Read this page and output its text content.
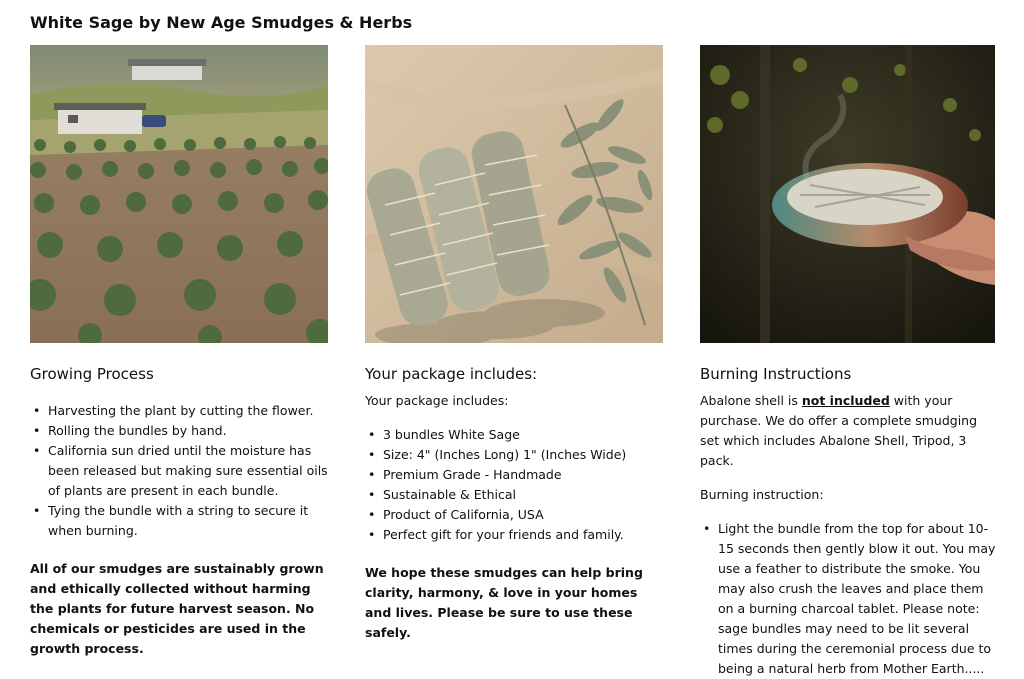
White Sage by New Age Smudges & Herbs
Growing Process
• Harvesting the plant by cutting the flower.
• Rolling the bundles by hand.
• California sun dried until the moisture has been released but making sure essential oils of plants are present in each bundle.
• Tying the bundle with a string to secure it when burning.
All of our smudges are sustainably grown and ethically collected without harming the plants for future harvest season. No chemicals or pesticides are used in the growth process.
Your package includes:
Your package includes:
• 3 bundles White Sage
• Size: 4" (Inches Long) 1" (Inches Wide)
• Premium Grade - Handmade
• Sustainable & Ethical
• Product of California, USA
• Perfect gift for your friends and family.
We hope these smudges can help bring clarity, harmony, & love in your homes and lives. Please be sure to use these safely.
Burning Instructions
Abalone shell is not included with your purchase. We do offer a complete smudging set which includes Abalone Shell, Tripod, 3 pack.
Burning instruction:
• Light the bundle from the top for about 10-15 seconds then gently blow it out. You may use a feather to distribute the smoke. You may also crush the leaves and place them on a burning charcoal tablet. Please note: sage bundles may need to be lit several times during the ceremonial process due to being a natural herb from Mother Earth.....
